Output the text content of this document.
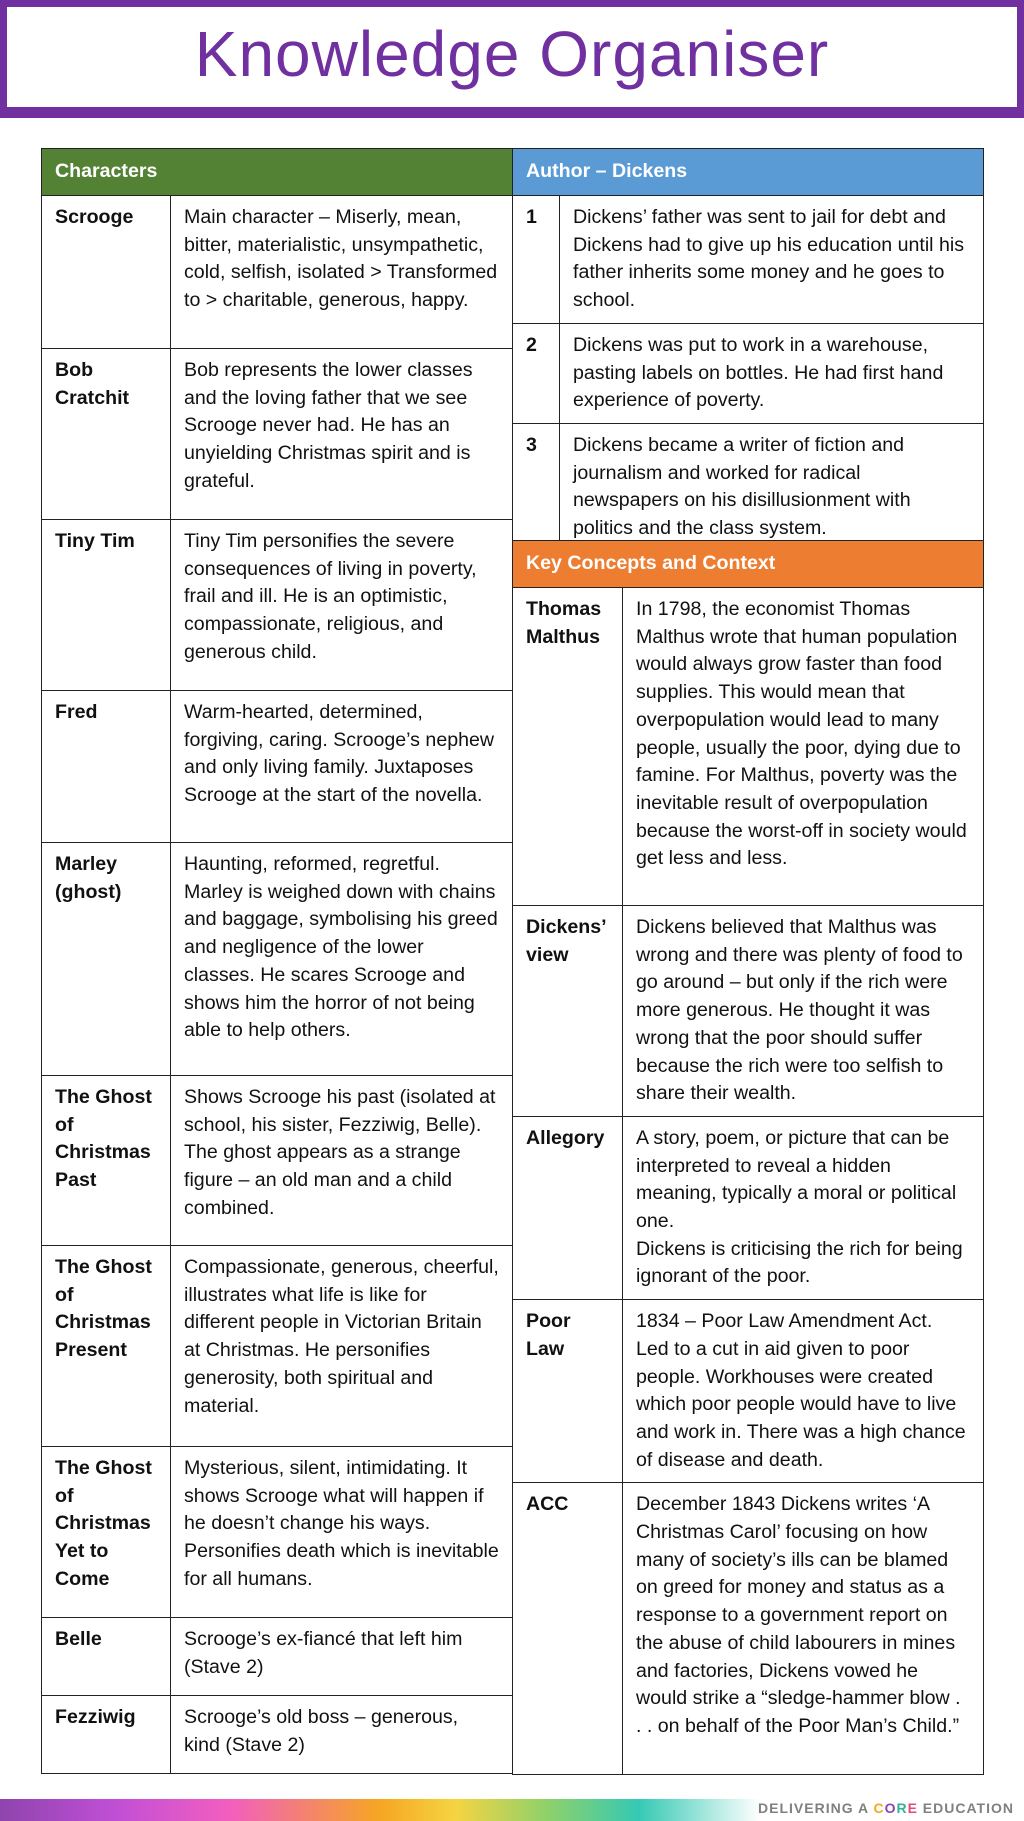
Knowledge Organiser
Characters	
Scrooge	Main character – Miserly, mean, bitter, materialistic, unsympathetic, cold, selfish, isolated > Transformed to > charitable, generous, happy.
Bob Cratchit	Bob represents the lower classes and the loving father that we see Scrooge never had. He has an unyielding Christmas spirit and is grateful.
Tiny Tim	Tiny Tim personifies the severe consequences of living in poverty, frail and ill. He is an optimistic, compassionate, religious, and generous child.
Fred	Warm-hearted, determined, forgiving, caring. Scrooge’s nephew and only living family. Juxtaposes Scrooge at the start of the novella.
Marley (ghost)	Haunting, reformed, regretful. Marley is weighed down with chains and baggage, symbolising his greed and negligence of the lower classes. He scares Scrooge and shows him the horror of not being able to help others.
The Ghost of Christmas Past	Shows Scrooge his past (isolated at school, his sister, Fezziwig, Belle). The ghost appears as a strange figure – an old man and a child combined.
The Ghost of Christmas Present	Compassionate, generous, cheerful, illustrates what life is like for different people in Victorian Britain at Christmas. He personifies generosity, both spiritual and material.
The Ghost of Christmas Yet to Come	Mysterious, silent, intimidating. It shows Scrooge what will happen if he doesn’t change his ways. Personifies death which is inevitable for all humans.
Belle	Scrooge’s ex-fiancé that left him (Stave 2)
Fezziwig	Scrooge’s old boss – generous, kind (Stave 2)
Author – Dickens	
1	Dickens’ father was sent to jail for debt and Dickens had to give up his education until his father inherits some money and he goes to school.
2	Dickens was put to work in a warehouse, pasting labels on bottles. He had first hand experience of poverty.
3	Dickens became a writer of fiction and journalism and worked for radical newspapers on his disillusionment with politics and the class system.
Key Concepts and Context	
Thomas Malthus	In 1798, the economist Thomas Malthus wrote that human population would always grow faster than food supplies. This would mean that overpopulation would lead to many people, usually the poor, dying due to famine. For Malthus, poverty was the inevitable result of overpopulation because the worst-off in society would get less and less.
Dickens’ view	Dickens believed that Malthus was wrong and there was plenty of food to go around – but only if the rich were more generous. He thought it was wrong that the poor should suffer because the rich were too selfish to share their wealth.
Allegory	A story, poem, or picture that can be interpreted to reveal a hidden meaning, typically a moral or political one.
Dickens is criticising the rich for being ignorant of the poor.

Poor Law	1834 – Poor Law Amendment Act. Led to a cut in aid given to poor people. Workhouses were created which poor people would have to live and work in. There was a high chance of disease and death.
ACC	December 1843 Dickens writes ‘A Christmas Carol’ focusing on how many of society’s ills can be blamed on greed for money and status as a response to a government report on the abuse of child labourers in mines and factories, Dickens vowed he would strike a “sledge-hammer blow . . . on behalf of the Poor Man’s Child.”
DELIVERING A CORE EDUCATION
